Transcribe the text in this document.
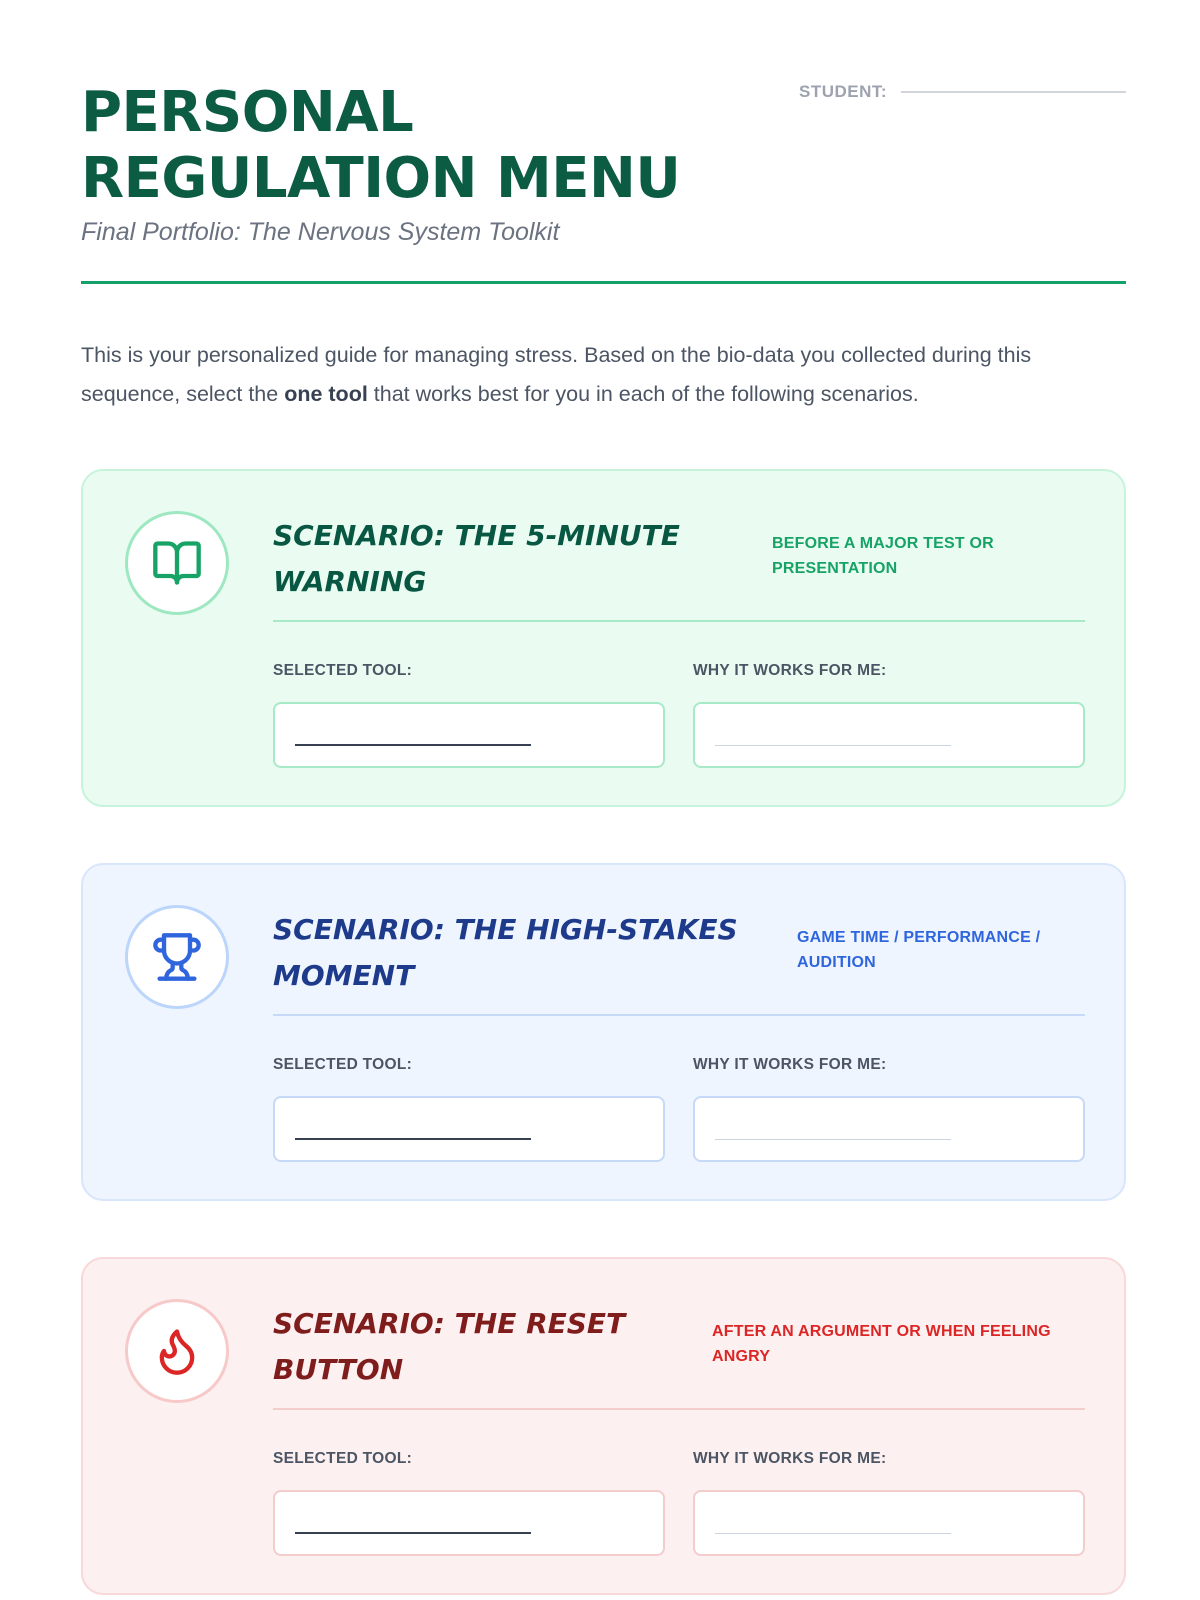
PERSONAL
REGULATION MENU
Final Portfolio: The Nervous System Toolkit
STUDENT:

This is your personalized guide for managing stress. Based on the bio-data you collected during this sequence, select the one tool that works best for you in each of the following scenarios.

SCENARIO: THE 5-MINUTE WARNING
BEFORE A MAJOR TEST OR PRESENTATION
SELECTED TOOL:	WHY IT WORKS FOR ME:
SCENARIO: THE HIGH-STAKES MOMENT
GAME TIME / PERFORMANCE / AUDITION
SELECTED TOOL:	WHY IT WORKS FOR ME:
SCENARIO: THE RESET BUTTON
AFTER AN ARGUMENT OR WHEN FEELING ANGRY
SELECTED TOOL:	WHY IT WORKS FOR ME:
